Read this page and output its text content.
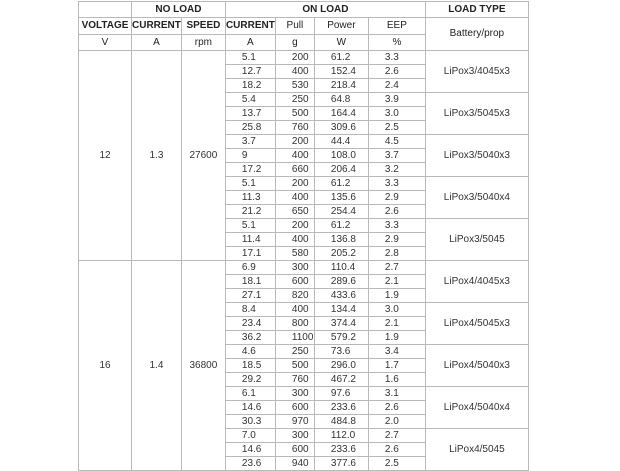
	NO LOAD		ON LOAD				LOAD TYPE
VOLTAGE	CURRENT	SPEED	CURRENT	Pull	Power	EEP	Battery/prop
V	A	rpm	A	g	W	%	
12	1.3	27600	5.1	200	61.2	3.3	LiPox3/4045x3
			12.7	400	152.4	2.6	
			18.2	530	218.4	2.4	
			5.4	250	64.8	3.9	LiPox3/5045x3
			13.7	500	164.4	3.0	
			25.8	760	309.6	2.5	
			3.7	200	44.4	4.5	LiPox3/5040x3
			9	400	108.0	3.7	
			17.2	660	206.4	3.2	
			5.1	200	61.2	3.3	LiPox3/5040x4
			11.3	400	135.6	2.9	
			21.2	650	254.4	2.6	
			5.1	200	61.2	3.3	LiPox3/5045
			11.4	400	136.8	2.9	
			17.1	580	205.2	2.8	
16	1.4	36800	6.9	300	110.4	2.7	LiPox4/4045x3
			18.1	600	289.6	2.1	
			27.1	820	433.6	1.9	
			8.4	400	134.4	3.0	LiPox4/5045x3
			23.4	800	374.4	2.1	
			36.2	1100	579.2	1.9	
			4.6	250	73.6	3.4	LiPox4/5040x3
			18.5	500	296.0	1.7	
			29.2	760	467.2	1.6	
			6.1	300	97.6	3.1	LiPox4/5040x4
			14.6	600	233.6	2.6	
			30.3	970	484.8	2.0	
			7.0	300	112.0	2.7	LiPox4/5045
			14.6	600	233.6	2.6	
			23.6	940	377.6	2.5	
